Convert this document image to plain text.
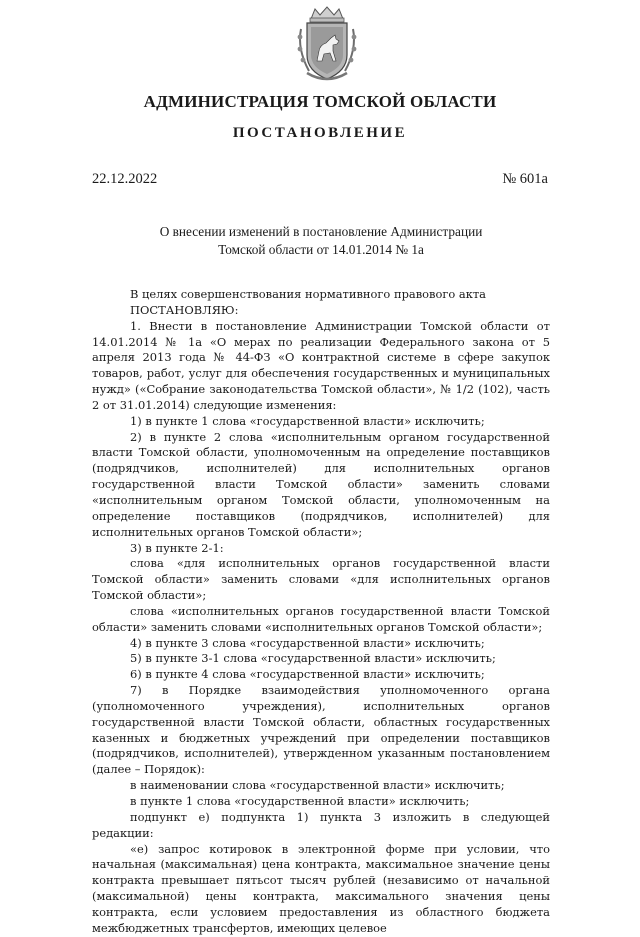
АДМИНИСТРАЦИЯ ТОМСКОЙ ОБЛАСТИ
ПОСТАНОВЛЕНИЕ
22.12.2022	№ 601а
О внесении изменений в постановление Администрации
Томской области от 14.01.2014 № 1а

В целях совершенствования нормативного правового акта

ПОСТАНОВЛЯЮ:

1. Внести в постановление Администрации Томской области от 14.01.2014 № 1а «О мерах по реализации Федерального закона от 5 апреля 2013 года № 44-ФЗ «О контрактной системе в сфере закупок товаров, работ, услуг для обеспечения государственных и муниципальных нужд» («Собрание законодательства Томской области», № 1/2 (102), часть 2 от 31.01.2014) следующие изменения:

1) в пункте 1 слова «государственной власти» исключить;

2) в пункте 2 слова «исполнительным органом государственной власти Томской области, уполномоченным на определение поставщиков (подрядчиков, исполнителей) для исполнительных органов государственной власти Томской области» заменить словами «исполнительным органом Томской области, уполномоченным на определение поставщиков (подрядчиков, исполнителей) для исполнительных органов Томской области»;

3) в пункте 2-1:

слова «для исполнительных органов государственной власти Томской области» заменить словами «для исполнительных органов Томской области»;

слова «исполнительных органов государственной власти Томской области» заменить словами «исполнительных органов Томской области»;

4) в пункте 3 слова «государственной власти» исключить;

5) в пункте 3-1 слова «государственной власти» исключить;

6) в пункте 4 слова «государственной власти» исключить;

7) в Порядке взаимодействия уполномоченного органа (уполномоченного учреждения), исполнительных органов государственной власти Томской области, областных государственных казенных и бюджетных учреждений при определении поставщиков (подрядчиков, исполнителей), утвержденном указанным постановлением (далее – Порядок):

в наименовании слова «государственной власти» исключить;

в пункте 1 слова «государственной власти» исключить;

подпункт е) подпункта 1) пункта 3 изложить в следующей редакции:

«е) запрос котировок в электронной форме при условии, что начальная (максимальная) цена контракта, максимальное значение цены контракта превышает пятьсот тысяч рублей (независимо от начальной (максимальной) цены контракта, максимального значения цены контракта, если условием предоставления из областного бюджета межбюджетных трансфертов, имеющих целевое
